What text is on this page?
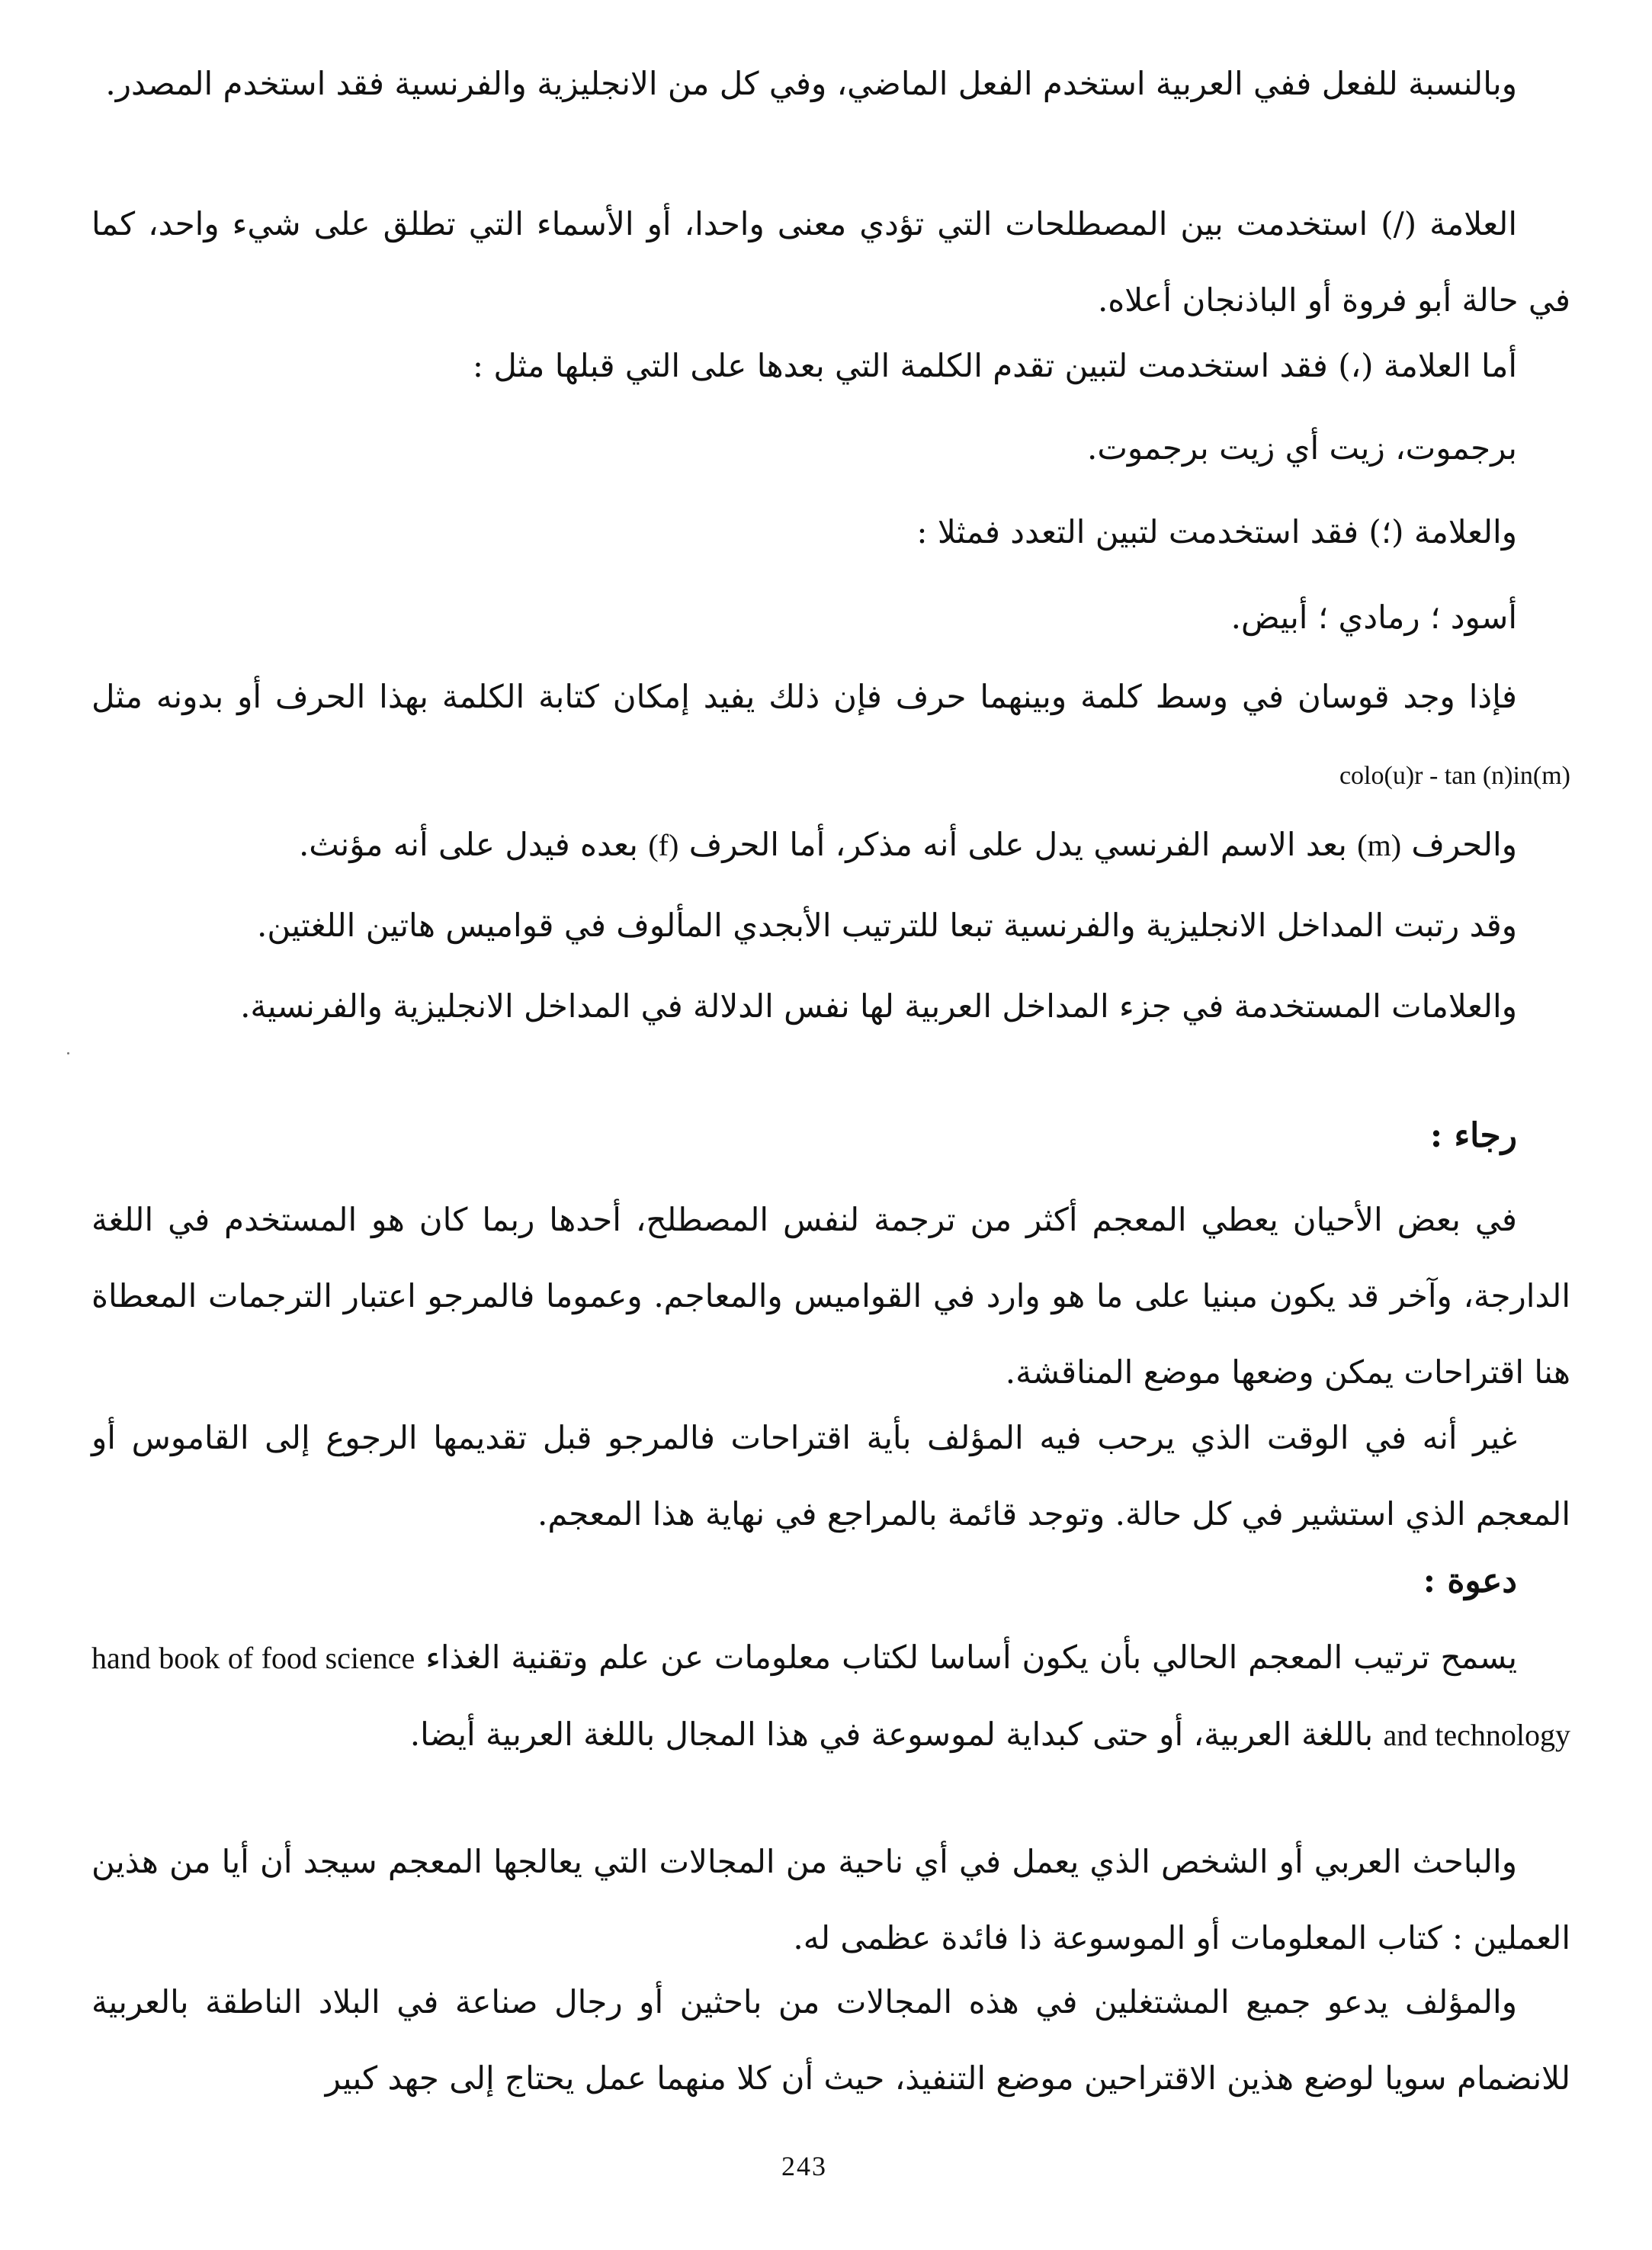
وبالنسبة للفعل ففي العربية استخدم الفعل الماضي، وفي كل من الانجليزية والفرنسية فقد استخدم المصدر.

العلامة (/) استخدمت بين المصطلحات التي تؤدي معنى واحدا، أو الأسماء التي تطلق على شيء واحد، كما في حالة أبو فروة أو الباذنجان أعلاه.

أما العلامة (،) فقد استخدمت لتبين تقدم الكلمة التي بعدها على التي قبلها مثل :

برجموت، زيت أي زيت برجموت.

والعلامة (؛) فقد استخدمت لتبين التعدد فمثلا :

أسود ؛ رمادي ؛ أبيض.

فإذا وجد قوسان في وسط كلمة وبينهما حرف فإن ذلك يفيد إمكان كتابة الكلمة بهذا الحرف أو بدونه مثل colo(u)r - tan (n)in(m)

والحرف (m) بعد الاسم الفرنسي يدل على أنه مذكر، أما الحرف (f) بعده فيدل على أنه مؤنث.

وقد رتبت المداخل الانجليزية والفرنسية تبعا للترتيب الأبجدي المألوف في قواميس هاتين اللغتين.

والعلامات المستخدمة في جزء المداخل العربية لها نفس الدلالة في المداخل الانجليزية والفرنسية.

رجاء :

في بعض الأحيان يعطي المعجم أكثر من ترجمة لنفس المصطلح، أحدها ربما كان هو المستخدم في اللغة الدارجة، وآخر قد يكون مبنيا على ما هو وارد في القواميس والمعاجم. وعموما فالمرجو اعتبار الترجمات المعطاة هنا اقتراحات يمكن وضعها موضع المناقشة.

غير أنه في الوقت الذي يرحب فيه المؤلف بأية اقتراحات فالمرجو قبل تقديمها الرجوع إلى القاموس أو المعجم الذي استشير في كل حالة. وتوجد قائمة بالمراجع في نهاية هذا المعجم.

دعوة :

يسمح ترتيب المعجم الحالي بأن يكون أساسا لكتاب معلومات عن علم وتقنية الغذاء hand book of food science and technology باللغة العربية، أو حتى كبداية لموسوعة في هذا المجال باللغة العربية أيضا.

والباحث العربي أو الشخص الذي يعمل في أي ناحية من المجالات التي يعالجها المعجم سيجد أن أيا من هذين العملين : كتاب المعلومات أو الموسوعة ذا فائدة عظمى له.

والمؤلف يدعو جميع المشتغلين في هذه المجالات من باحثين أو رجال صناعة في البلاد الناطقة بالعربية للانضمام سويا لوضع هذين الاقتراحين موضع التنفيذ، حيث أن كلا منهما عمل يحتاج إلى جهد كبير

243
